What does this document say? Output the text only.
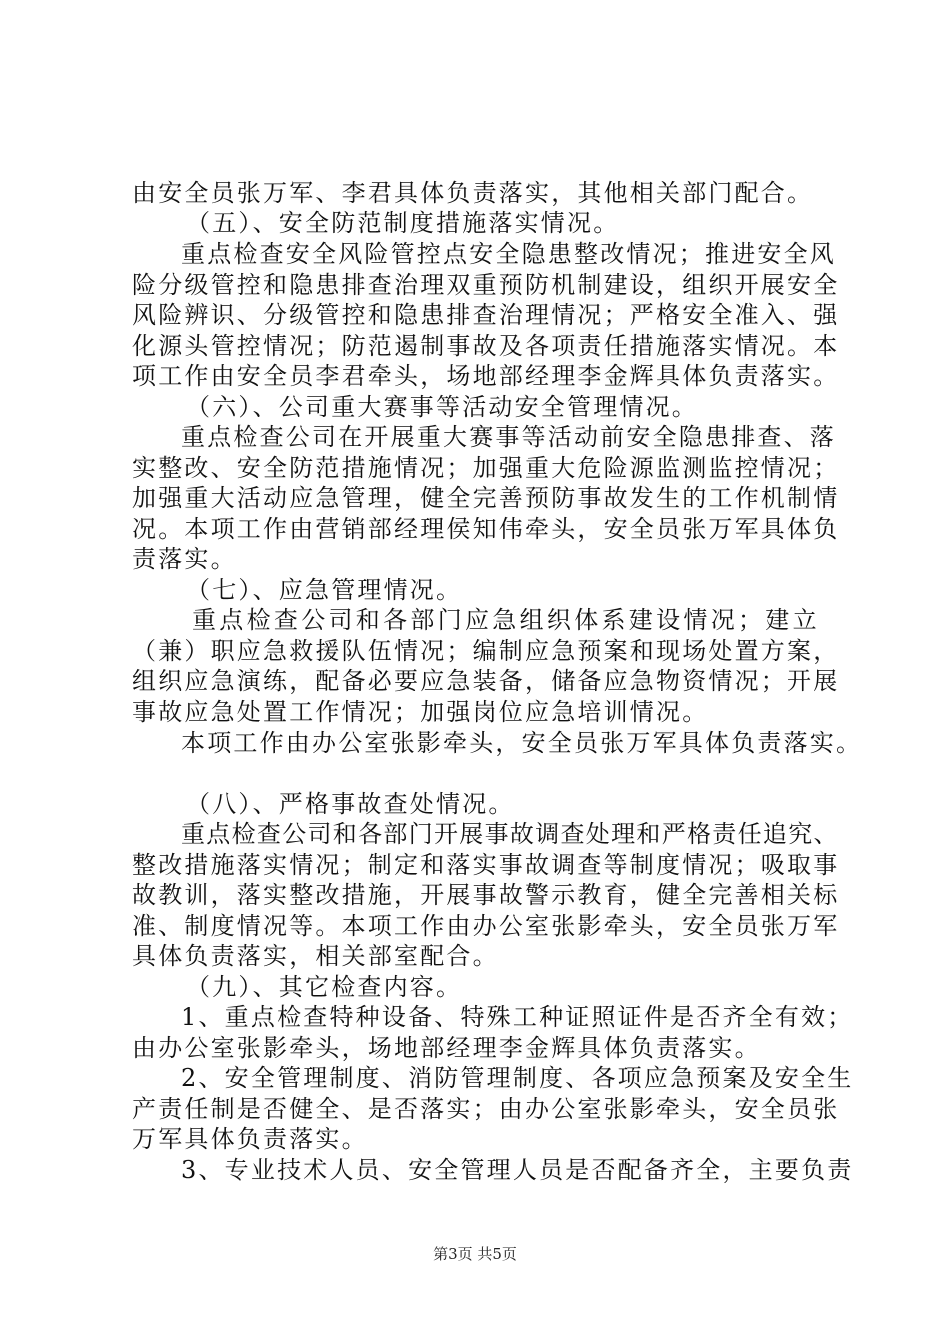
由安全员张万军、李君具体负责落实，其他相关部门配合。
（五）、安全防范制度措施落实情况。
重点检查安全风险管控点安全隐患整改情况；推进安全风
险分级管控和隐患排查治理双重预防机制建设，组织开展安全
风险辨识、分级管控和隐患排查治理情况；严格安全准入、强
化源头管控情况；防范遏制事故及各项责任措施落实情况。本
项工作由安全员李君牵头，场地部经理李金辉具体负责落实。
（六）、公司重大赛事等活动安全管理情况。
重点检查公司在开展重大赛事等活动前安全隐患排查、落
实整改、安全防范措施情况；加强重大危险源监测监控情况；
加强重大活动应急管理，健全完善预防事故发生的工作机制情
况。本项工作由营销部经理侯知伟牵头，安全员张万军具体负
责落实。
（七）、应急管理情况。
重点检查公司和各部门应急组织体系建设情况；建立
（兼）职应急救援队伍情况；编制应急预案和现场处置方案，
组织应急演练，配备必要应急装备，储备应急物资情况；开展
事故应急处置工作情况；加强岗位应急培训情况。
本项工作由办公室张影牵头，安全员张万军具体负责落实。
（八）、严格事故查处情况。
重点检查公司和各部门开展事故调查处理和严格责任追究、
整改措施落实情况；制定和落实事故调查等制度情况；吸取事
故教训，落实整改措施，开展事故警示教育，健全完善相关标
准、制度情况等。本项工作由办公室张影牵头，安全员张万军
具体负责落实，相关部室配合。
（九）、其它检查内容。
1、重点检查特种设备、特殊工种证照证件是否齐全有效；
由办公室张影牵头，场地部经理李金辉具体负责落实。
2、安全管理制度、消防管理制度、各项应急预案及安全生
产责任制是否健全、是否落实；由办公室张影牵头，安全员张
万军具体负责落实。
3、专业技术人员、安全管理人员是否配备齐全，主要负责
第3页 共5页
